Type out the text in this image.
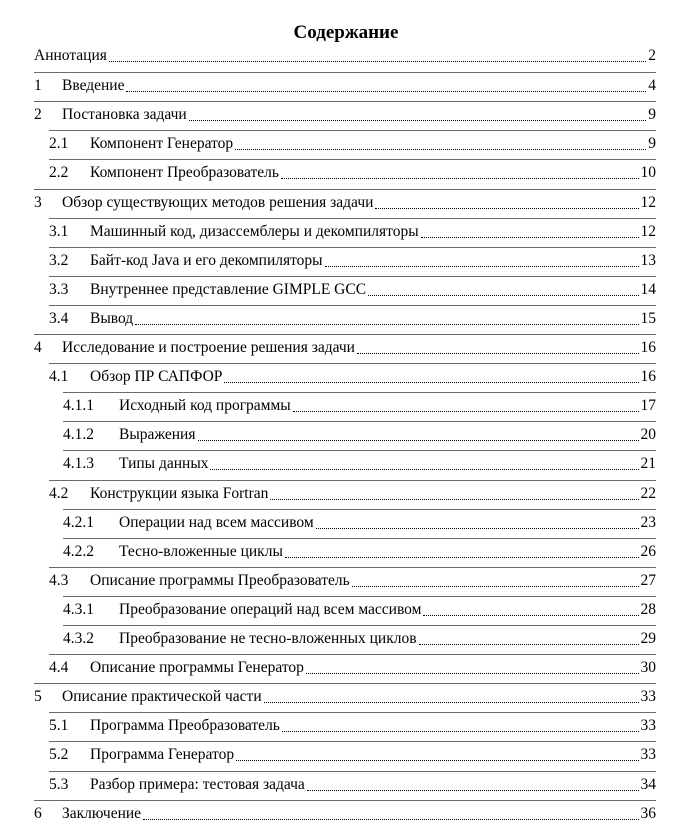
Содержание
Аннотация	2
1	Введение	4
2	Постановка задачи	9
2.1	Компонент Генератор	9
2.2	Компонент Преобразователь	10
3	Обзор существующих методов решения задачи	12
3.1	Машинный код, дизассемблеры и декомпиляторы	12
3.2	Байт-код Java и его декомпиляторы	13
3.3	Внутреннее представление GIMPLE GCC	14
3.4	Вывод	15
4	Исследование и построение решения задачи	16
4.1	Обзор ПР САПФОР	16
4.1.1	Исходный код программы	17
4.1.2	Выражения	20
4.1.3	Типы данных	21
4.2	Конструкции языка Fortran	22
4.2.1	Операции над всем массивом	23
4.2.2	Тесно-вложенные циклы	26
4.3	Описание программы Преобразователь	27
4.3.1	Преобразование операций над всем массивом	28
4.3.2	Преобразование не тесно-вложенных циклов	29
4.4	Описание программы Генератор	30
5	Описание практической части	33
5.1	Программа Преобразователь	33
5.2	Программа Генератор	33
5.3	Разбор примера: тестовая задача	34
6	Заключение	36
